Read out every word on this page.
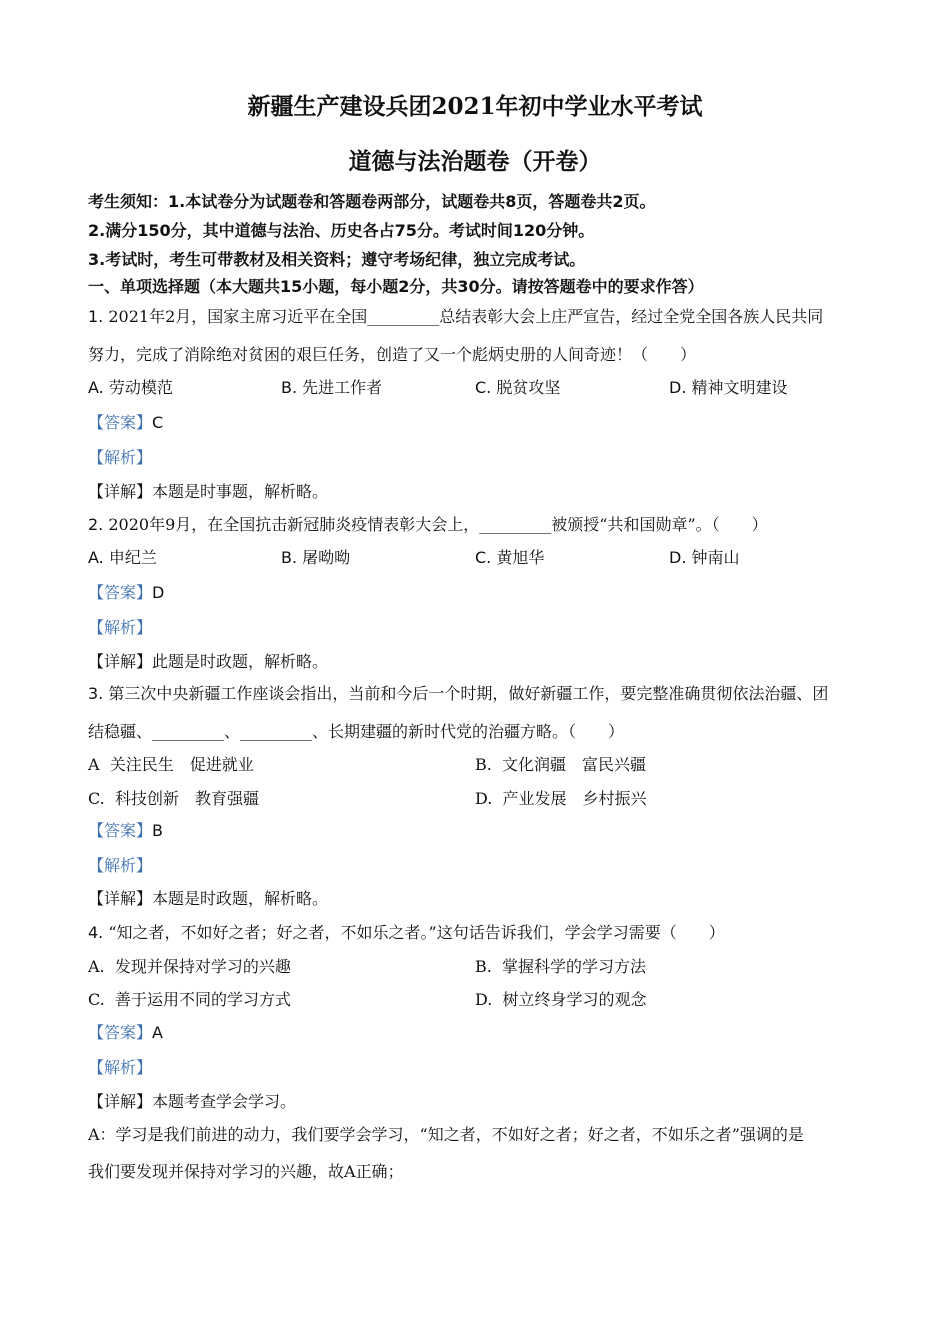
新疆生产建设兵团2021年初中学业水平考试
道德与法治题卷（开卷）
考生须知：1.本试卷分为试题卷和答题卷两部分，试题卷共8页，答题卷共2页。
2.满分150分，其中道德与法治、历史各占75分。考试时间120分钟。
3.考试时，考生可带教材及相关资料；遵守考场纪律，独立完成考试。
一、单项选择题（本大题共15小题，每小题2分，共30分。请按答题卷中的要求作答）
1. 2021年2月，国家主席习近平在全国_________总结表彰大会上庄严宣告，经过全党全国各族人民共同
努力，完成了消除绝对贫困的艰巨任务，创造了又一个彪炳史册的人间奇迹！（　　）
A. 劳动模范	B. 先进工作者	C. 脱贫攻坚	D. 精神文明建设
【答案】C
【解析】
【详解】本题是时事题，解析略。
2. 2020年9月，在全国抗击新冠肺炎疫情表彰大会上，_________被颁授“共和国勋章”。（　　）
A. 申纪兰	B. 屠呦呦	C. 黄旭华	D. 钟南山
【答案】D
【解析】
【详解】此题是时政题，解析略。
3. 第三次中央新疆工作座谈会指出，当前和今后一个时期，做好新疆工作，要完整准确贯彻依法治疆、团
结稳疆、_________、_________、长期建疆的新时代党的治疆方略。（　　）
A 关注民生　促进就业	B. 文化润疆　富民兴疆
C. 科技创新　教育强疆	D. 产业发展　乡村振兴
【答案】B
【解析】
【详解】本题是时政题，解析略。
4. “知之者，不如好之者；好之者，不如乐之者。”这句话告诉我们，学会学习需要（　　）
A. 发现并保持对学习的兴趣	B. 掌握科学的学习方法
C. 善于运用不同的学习方式	D. 树立终身学习的观念
【答案】A
【解析】
【详解】本题考查学会学习。
A：学习是我们前进的动力，我们要学会学习，“知之者，不如好之者；好之者，不如乐之者”强调的是
我们要发现并保持对学习的兴趣，故A正确；
